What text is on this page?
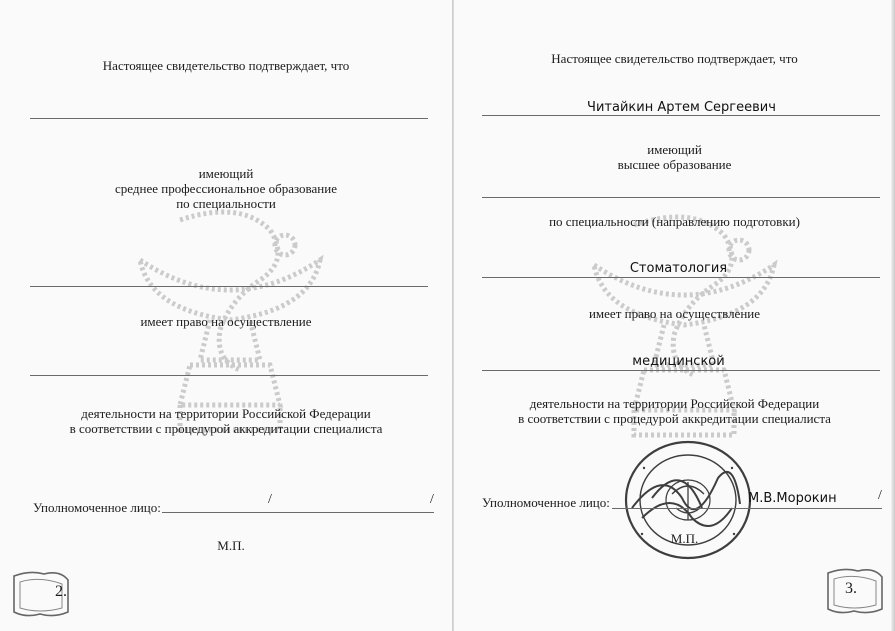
Настоящее свидетельство подтверждает, что
имеющий
среднее профессиональное образование
по специальности
имеет право на осуществление
деятельности на территории Российской Федерации
в соответствии с процедурой аккредитации специалиста
Уполномоченное лицо:
/	/
М.П.
2.
Настоящее свидетельство подтверждает, что
Читайкин Артем Сергеевич
имеющий
высшее образование
по специальности (направлению подготовки)
Стоматология
имеет право на осуществление
медицинской
деятельности на территории Российской Федерации
в соответствии с процедурой аккредитации специалиста
Уполномоченное лицо:	М.В.Морокин	/
М.П.
3.
